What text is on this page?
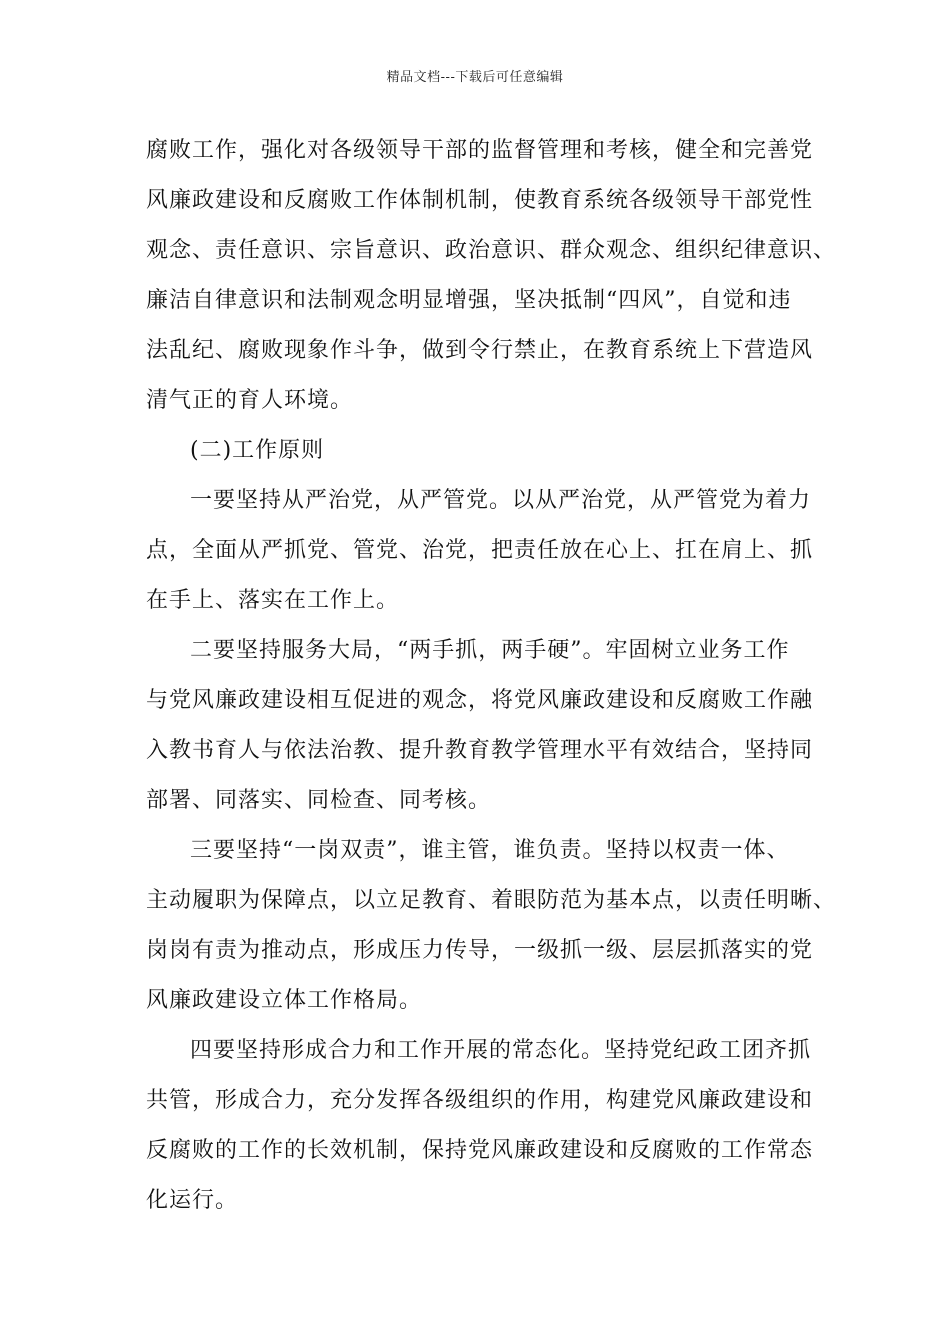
精品文档---下载后可任意编辑
腐败工作，强化对各级领导干部的监督管理和考核，健全和完善党
风廉政建设和反腐败工作体制机制，使教育系统各级领导干部党性
观念、责任意识、宗旨意识、政治意识、群众观念、组织纪律意识、
廉洁自律意识和法制观念明显增强，坚决抵制“四风”，自觉和违
法乱纪、腐败现象作斗争，做到令行禁止，在教育系统上下营造风
清气正的育人环境。
(二)工作原则
一要坚持从严治党，从严管党。以从严治党，从严管党为着力
点，全面从严抓党、管党、治党，把责任放在心上、扛在肩上、抓
在手上、落实在工作上。
二要坚持服务大局，“两手抓，两手硬”。牢固树立业务工作
与党风廉政建设相互促进的观念，将党风廉政建设和反腐败工作融
入教书育人与依法治教、提升教育教学管理水平有效结合，坚持同
部署、同落实、同检查、同考核。
三要坚持“一岗双责”，谁主管，谁负责。坚持以权责一体、
主动履职为保障点，以立足教育、着眼防范为基本点，以责任明晰、
岗岗有责为推动点，形成压力传导，一级抓一级、层层抓落实的党
风廉政建设立体工作格局。
四要坚持形成合力和工作开展的常态化。坚持党纪政工团齐抓
共管，形成合力，充分发挥各级组织的作用，构建党风廉政建设和
反腐败的工作的长效机制，保持党风廉政建设和反腐败的工作常态
化运行。
